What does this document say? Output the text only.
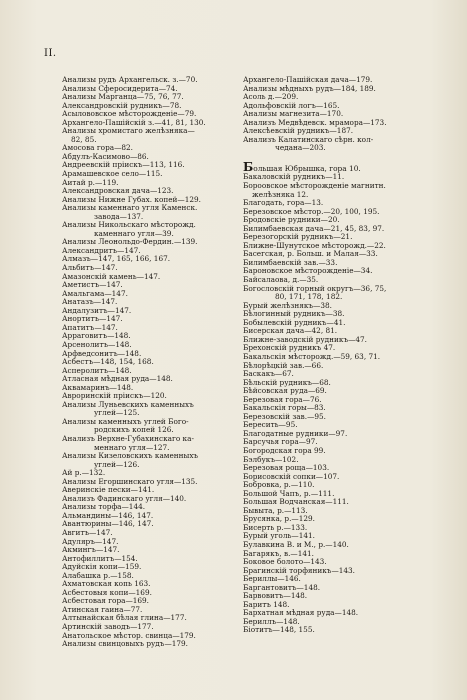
II.
Анализы рудъ Архангельск. з.—70.
Анализы Сферосидерита—74.
Анализы Марганца—75, 76, 77.
Александровскій рудникъ—78.
Асылововское мѣсторожденіе—79.
Архангело-Пашійскій з.—41, 81, 130.
Анализы хромистаго желѣзняка—
82, 85.
Амосова гора—82.
Абдулъ-Касимово—86.
Андреевскій пріискъ—113, 116.
Арамашевское село—115.
Аитай р.—119.
Александровская дача—123.
Анализы Нижне Губах. копей—129.
Анализы каменнаго угля Каменск.
завода—137.
Анализы Никольскаго мѣсторожд.
каменнаго угля—39.
Анализы Леонольдо-Фердин.—139.
Александритъ—147.
Алмазъ—147, 165, 166, 167.
Альбитъ—147.
Амазонскій камень—147.
Аметистъ—147.
Амальгама—147.
Анатазъ—147.
Андалузитъ—147.
Анортитъ—147.
Апатитъ—147.
Арраговитъ—148.
Арсенолитъ—148.
Арфведсонитъ—148.
Асбестъ—148, 154, 168.
Асперолитъ—148.
Атласная мѣдная руда—148.
Аквамаринъ—148.
Авроринскій пріискъ—120.
Анализы Луньевскихъ каменныхъ
углей—125.
Анализы каменныхъ углей Бого-
родскихъ копей 126.
Анализъ Верхне-Губахинскаго ка-
меннаго угля—127.
Анализы Кизеловскихъ каменныхъ
углей—126.
Ай р.—132.
Анализы Егоршинскаго угля—135.
Аверинскіе пески—141.
Анализъ Фадинскаго угля—140.
Анализы торфа—144.
Альмандины—146, 147.
Авантюрины—146, 147.
Авгитъ—147.
Адуляръ—147.
Акмингъ—147.
Антофиллитъ—154.
Адуйскія копи—159.
Алабашка р.—158.
Ахматовская копь 163.
Асбестовыя копи—169.
Асбестовая гора—169.
Атинская гаина—77.
Алтынайская бѣлая глина—177.
Артинскій заводъ—177.
Анатольское мѣстор. свинца—179.
Анализы свинцовыхъ рудъ—179.
Архангело-Пашійская дача—179.
Анализы мѣдныхъ рудъ—184, 189.
Асоль д.—209.
Адольфовскій логъ—165.
Анализы магнезита—170.
Анализъ Медвѣдевск. мрамора—173.
Алексѣевскій рудникъ—187.
Анализъ Калатинскаго сѣрн. кол-
чедана—203.
Большая Юбрышка, гора 10.
Бакаловскій рудникъ—11.
Бороовское мѣсторожденіе магнитн.
желѣзняка 12.
Благодать, гора—13.
Березовское мѣстор.—20, 100, 195.
Бродовскіе рудники—20.
Билимбаевская дача—21, 45, 83, 97.
Березогорскій рудникъ—21.
Ближне-Шунутское мѣсторожд.—22.
Басегская, р. Больш. и Малая—33.
Билимбаевскій зав.—33.
Бароновское мѣсторожденіе—34.
Байсалаова, д.—35.
Богословскій горный округъ—36, 75,
80, 171, 178, 182.
Бурый желѣзнякъ—38.
Бѣлогинный рудникъ—38.
Бобылевскій рудникъ—41.
Бисерская дача—42, 81.
Ближне-заводскій рудникъ—47.
Брехонскій рудникъ 47.
Бакальскія мѣсторожд.—59, 63, 71.
Бѣлорѣцкій зав.—66.
Баскакъ—67.
Бѣльскій рудникъ—68.
Бѣйсовская руда—69.
Березовая гора—76.
Бакальскія горы—83.
Березовскій зав.—95.
Бересить—95.
Благодатные рудники—97.
Барсучья гора—97.
Богородская гора 99.
Бэлбукъ—102.
Березовая роща—103.
Борисовскій сопки—107.
Бобровка, р.—110.
Большой Чапъ, р.—111.
Большая Водчанская—111.
Бывыта, р.—113.
Брусянка, р.—129.
Бисерть р.—133.
Бурый уголь—141.
Булавкина В. и М., р.—140.
Багарякъ, в.—141.
Боковое болото—143.
Брагинскій торфяникъ—143.
Бериллы—146.
Баргантовитъ—148.
Барвовитъ—148.
Баритъ 148.
Бархатная мѣдная руда—148.
Бериллъ—148.
Біотитъ—148, 155.
